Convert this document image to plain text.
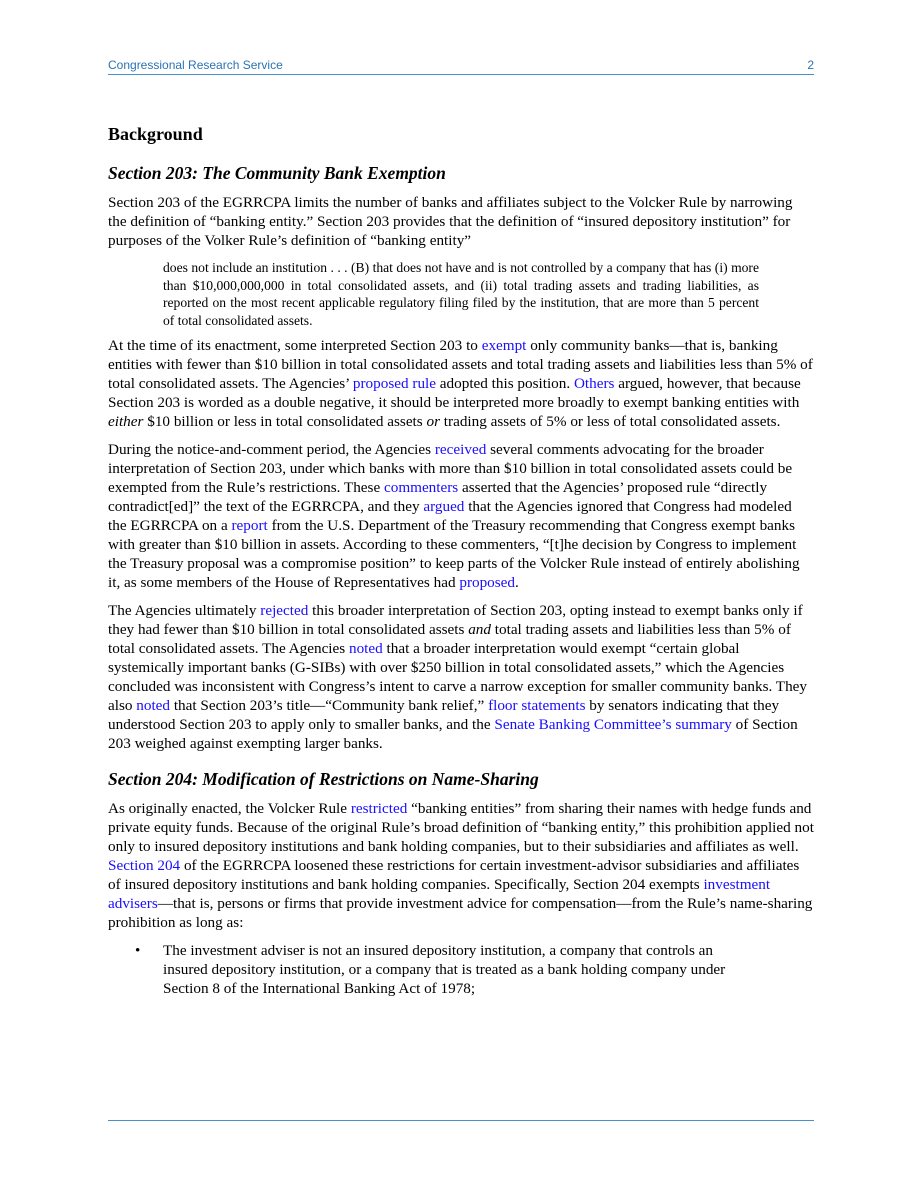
Congressional Research Service	2
Background
Section 203: The Community Bank Exemption

Section 203 of the EGRRCPA limits the number of banks and affiliates subject to the Volcker Rule by narrowing the definition of “banking entity.” Section 203 provides that the definition of “insured depository institution” for purposes of the Volker Rule’s definition of “banking entity”

does not include an institution . . . (B) that does not have and is not controlled by a company that has (i) more than $10,000,000,000 in total consolidated assets, and (ii) total trading assets and trading liabilities, as reported on the most recent applicable regulatory filing filed by the institution, that are more than 5 percent of total consolidated assets.

At the time of its enactment, some interpreted Section 203 to exempt only community banks—that is, banking entities with fewer than $10 billion in total consolidated assets and total trading assets and liabilities less than 5% of total consolidated assets. The Agencies’ proposed rule adopted this position. Others argued, however, that because Section 203 is worded as a double negative, it should be interpreted more broadly to exempt banking entities with either $10 billion or less in total consolidated assets or trading assets of 5% or less of total consolidated assets.

During the notice-and-comment period, the Agencies received several comments advocating for the broader interpretation of Section 203, under which banks with more than $10 billion in total consolidated assets could be exempted from the Rule’s restrictions. These commenters asserted that the Agencies’ proposed rule “directly contradict[ed]” the text of the EGRRCPA, and they argued that the Agencies ignored that Congress had modeled the EGRRCPA on a report from the U.S. Department of the Treasury recommending that Congress exempt banks with greater than $10 billion in assets. According to these commenters, “[t]he decision by Congress to implement the Treasury proposal was a compromise position” to keep parts of the Volcker Rule instead of entirely abolishing it, as some members of the House of Representatives had proposed.

The Agencies ultimately rejected this broader interpretation of Section 203, opting instead to exempt banks only if they had fewer than $10 billion in total consolidated assets and total trading assets and liabilities less than 5% of total consolidated assets. The Agencies noted that a broader interpretation would exempt “certain global systemically important banks (G-SIBs) with over $250 billion in total consolidated assets,” which the Agencies concluded was inconsistent with Congress’s intent to carve a narrow exception for smaller community banks. They also noted that Section 203’s title—“Community bank relief,” floor statements by senators indicating that they understood Section 203 to apply only to smaller banks, and the Senate Banking Committee’s summary of Section 203 weighed against exempting larger banks.

Section 204: Modification of Restrictions on Name-Sharing

As originally enacted, the Volcker Rule restricted “banking entities” from sharing their names with hedge funds and private equity funds. Because of the original Rule’s broad definition of “banking entity,” this prohibition applied not only to insured depository institutions and bank holding companies, but to their subsidiaries and affiliates as well. Section 204 of the EGRRCPA loosened these restrictions for certain investment-advisor subsidiaries and affiliates of insured depository institutions and bank holding companies. Specifically, Section 204 exempts investment advisers—that is, persons or firms that provide investment advice for compensation—from the Rule’s name-sharing prohibition as long as:

• The investment adviser is not an insured depository institution, a company that controls an insured depository institution, or a company that is treated as a bank holding company under Section 8 of the International Banking Act of 1978;
